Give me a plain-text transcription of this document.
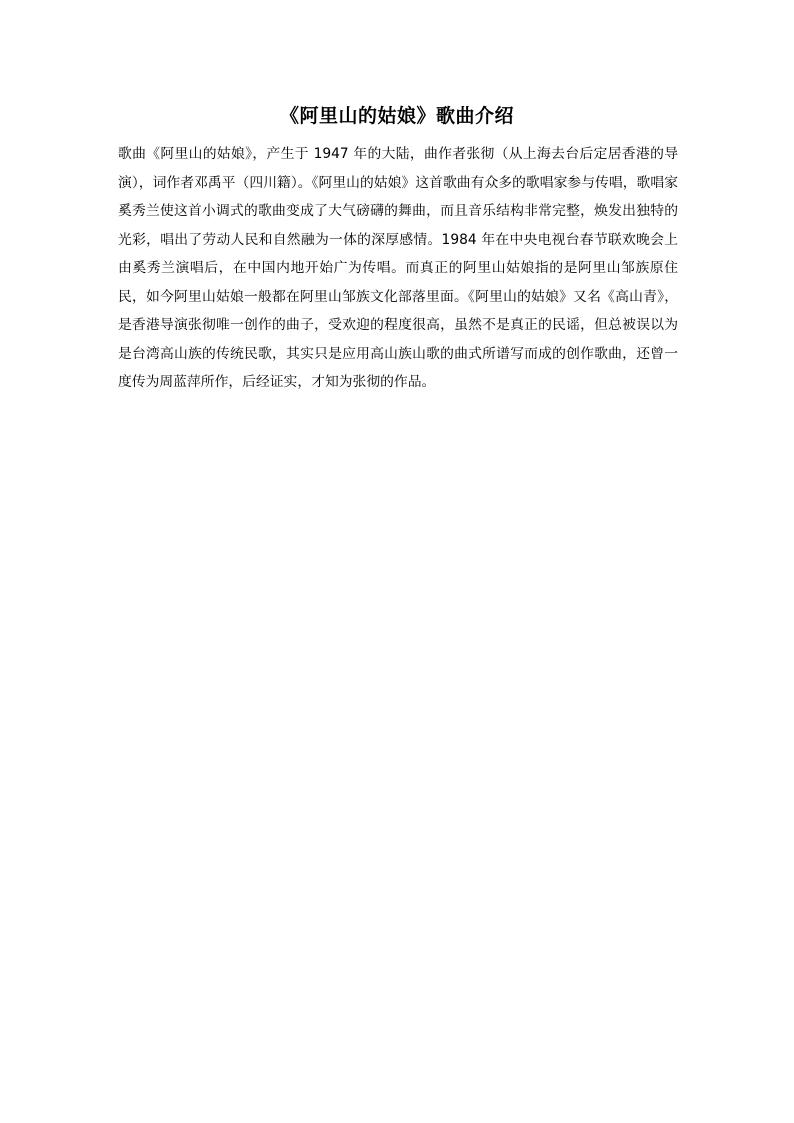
《阿里山的姑娘》歌曲介绍
歌曲《阿里山的姑娘》，产生于 1947 年的大陆，曲作者张彻（从上海去台后定居香港的导演），词作者邓禹平（四川籍）。《阿里山的姑娘》这首歌曲有众多的歌唱家参与传唱，歌唱家奚秀兰使这首小调式的歌曲变成了大气磅礴的舞曲，而且音乐结构非常完整，焕发出独特的光彩，唱出了劳动人民和自然融为一体的深厚感情。1984 年在中央电视台春节联欢晚会上由奚秀兰演唱后，在中国内地开始广为传唱。而真正的阿里山姑娘指的是阿里山邹族原住民，如今阿里山姑娘一般都在阿里山邹族文化部落里面。《阿里山的姑娘》又名《高山青》，是香港导演张彻唯一创作的曲子，受欢迎的程度很高，虽然不是真正的民谣，但总被误以为是台湾高山族的传统民歌，其实只是应用高山族山歌的曲式所谱写而成的创作歌曲，还曾一度传为周蓝萍所作，后经证实，才知为张彻的作品。
